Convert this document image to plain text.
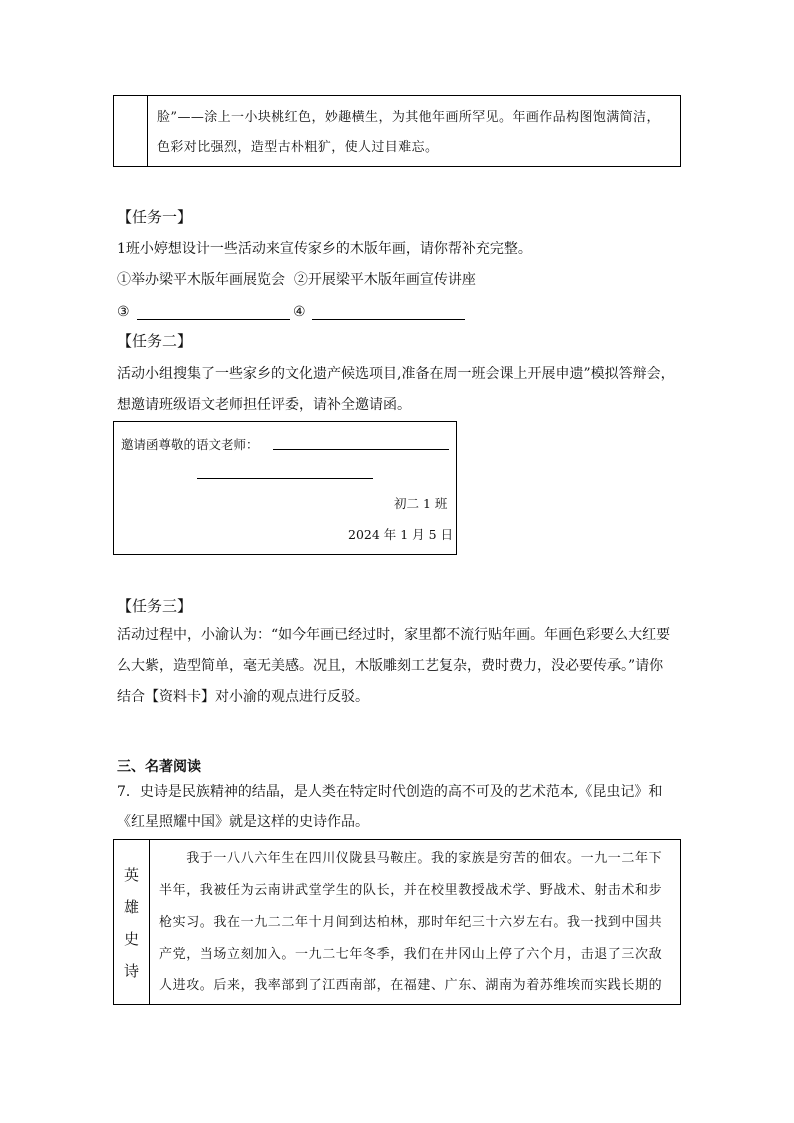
脸”——涂上一小块桃红色，妙趣横生，为其他年画所罕见。年画作品构图饱满简洁，
色彩对比强烈，造型古朴粗犷，使人过目难忘。
【任务一】
1班小婷想设计一些活动来宣传家乡的木版年画，请你帮补充完整。
①举办梁平木版年画展览会  ②开展梁平木版年画宣传讲座
③	④
【任务二】
活动小组搜集了一些家乡的文化遗产候选项目,准备在周一班会课上开展申遗”模拟答辩会，
想邀请班级语文老师担任评委，请补全邀请函。
邀请函尊敬的语文老师：
初二 1 班
2024 年 1 月 5 日
【任务三】
活动过程中，小渝认为：“如今年画已经过时，家里都不流行贴年画。年画色彩要么大红要
么大紫，造型简单，毫无美感。况且，木版雕刻工艺复杂，费时费力，没必要传承。”请你
结合【资料卡】对小渝的观点进行反驳。
三、名著阅读
7．史诗是民族精神的结晶，是人类在特定时代创造的高不可及的艺术范本,《昆虫记》和
《红星照耀中国》就是这样的史诗作品。
英
雄
史
诗
　　我于一八八六年生在四川仪陇县马鞍庄。我的家族是穷苦的佃农。一九一二年下
半年，我被任为云南讲武堂学生的队长，并在校里教授战术学、野战术、射击术和步
枪实习。我在一九二二年十月间到达柏林，那时年纪三十六岁左右。我一找到中国共
产党，当场立刻加入。一九二七年冬季，我们在井冈山上停了六个月，击退了三次敌
人进攻。后来，我率部到了江西南部，在福建、广东、湖南为着苏维埃而实践长期的
